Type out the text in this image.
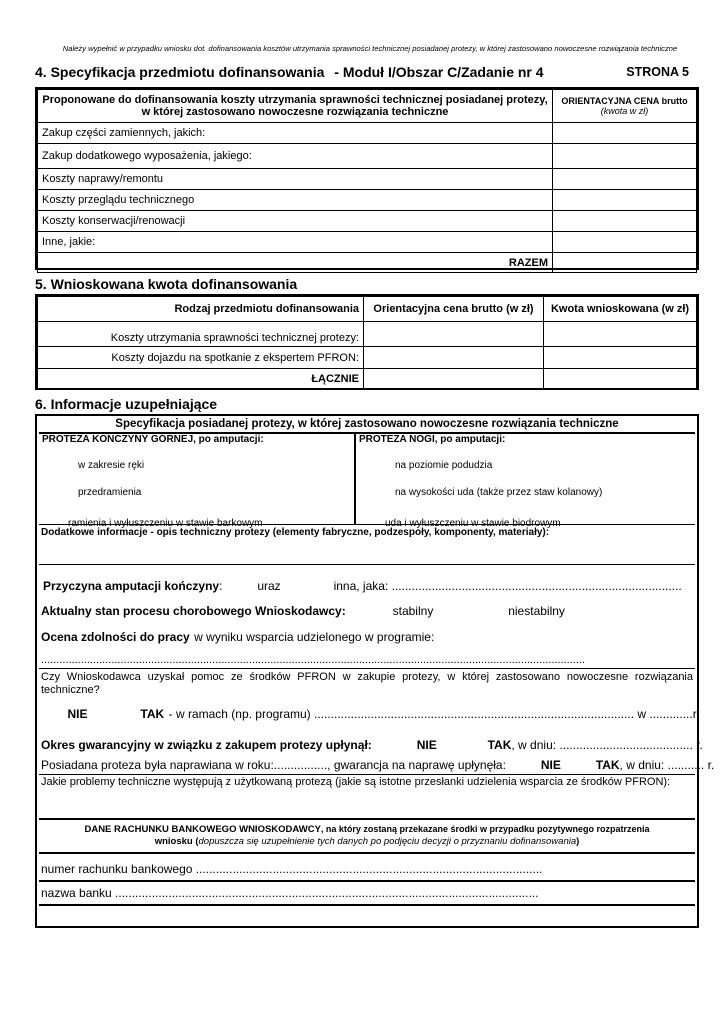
Należy wypełnić w przypadku wniosku dot. dofinansowania kosztów utrzymania sprawności technicznej posiadanej protezy, w której zastosowano nowoczesne rozwiązania techniczne
4. Specyfikacja przedmiotu dofinansowania - Moduł I/Obszar C/Zadanie nr 4	STRONA 5
Proponowane do dofinansowania koszty utrzymania sprawności technicznej posiadanej protezy, w której zastosowano nowoczesne rozwiązania techniczne	ORIENTACYJNA CENA brutto
(kwota w zł)

Zakup części zamiennych, jakich:	
Zakup dodatkowego wyposażenia, jakiego:	
Koszty naprawy/remontu	
Koszty przeglądu technicznego	
Koszty konserwacji/renowacji	
Inne, jakie:	
RAZEM	
5. Wnioskowana kwota dofinansowania
Rodzaj przedmiotu dofinansowania	Orientacyjna cena brutto (w zł)	Kwota wnioskowana (w zł)
Koszty utrzymania sprawności technicznej protezy:		
Koszty dojazdu na spotkanie z ekspertem PFRON:		
ŁĄCZNIE		
6. Informacje uzupełniające
Specyfikacja posiadanej protezy, w której zastosowano nowoczesne rozwiązania techniczne
PROTEZA KOŃCZYNY GÓRNEJ, po amputacji:
w zakresie ręki
przedramienia
ramienia i wyłuszczeniu w stawie barkowym
PROTEZA NOGI, po amputacji:
na poziomie podudzia
na wysokości uda (także przez staw kolanowy)
uda i wyłuszczeniu w stawie biodrowym
Dodatkowe informacje - opis techniczny protezy (elementy fabryczne, podzespoły, komponenty, materiały):
Przyczyna amputacji kończyny:	uraz	inna, jaka: .......................................................................................
Aktualny stan procesu chorobowego Wnioskodawcy:	stabilny	niestabilny
Ocena zdolności do pracy w wyniku wsparcia udzielonego w programie:
..................................................................................................................................................................................
Czy Wnioskodawca uzyskał pomoc ze środków PFRON w zakupie protezy, w której zastosowano nowoczesne rozwiązania techniczne?
NIE	TAK - w ramach (np. programu) ................................................................................................ w .............r.
Okres gwarancyjny w związku z zakupem protezy upłynął:	NIE	TAK, w dniu: ........................................ r.
Posiadana proteza była naprawiana w roku:................, gwarancja na naprawę upłynęła:	NIE	TAK, w dniu: ........... r.
Jakie problemy techniczne występują z użytkowaną protezą (jakie są istotne przesłanki udzielenia wsparcia ze środków PFRON):
DANE RACHUNKU BANKOWEGO WNIOSKODAWCY, na który zostaną przekazane środki w przypadku pozytywnego rozpatrzenia
wniosku (dopuszcza się uzupełnienie tych danych po podjęciu decyzji o przyznaniu dofinansowania)
numer rachunku bankowego ........................................................................................................
nazwa banku ...............................................................................................................................
